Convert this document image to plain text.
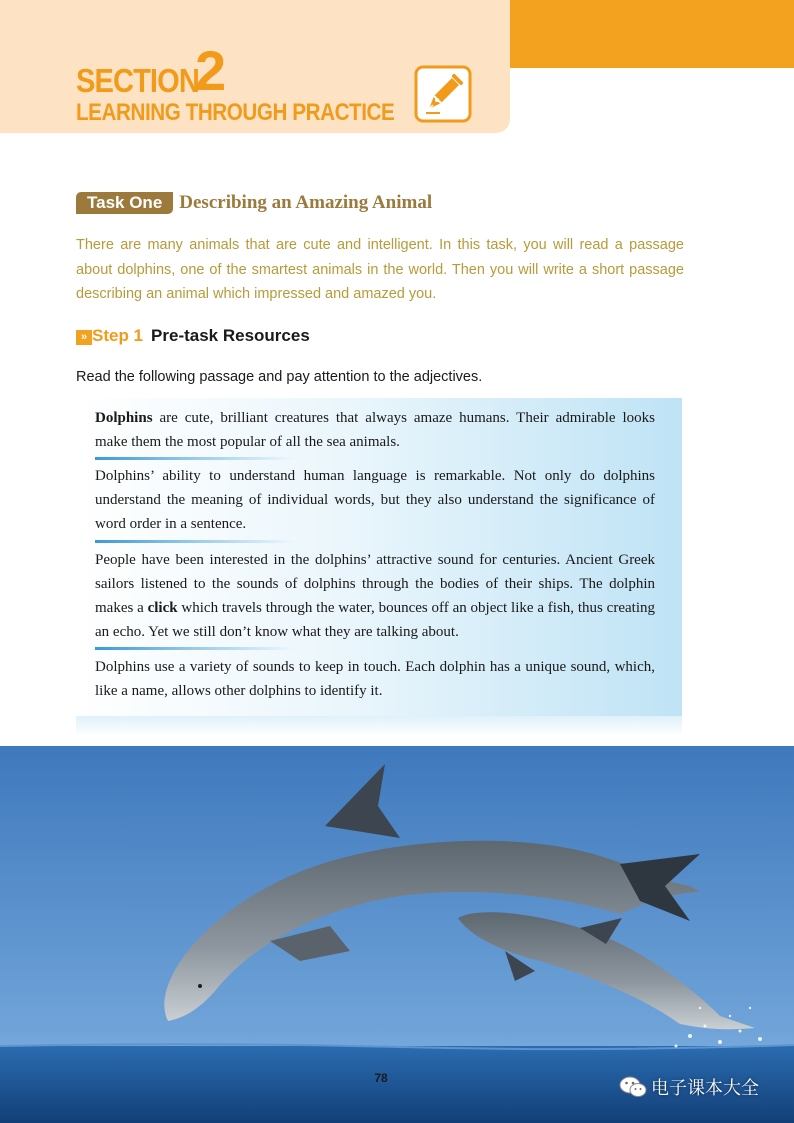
SECTION
2
LEARNING THROUGH PRACTICE
Task One Describing an Amazing Animal
There are many animals that are cute and intelligent. In this task, you will read a passage about dolphins, one of the smartest animals in the world. Then you will write a short passage describing an animal which impressed and amazed you.
» Step 1 Pre-task Resources
Read the following passage and pay attention to the adjectives.
Dolphins are cute, brilliant creatures that always amaze humans. Their admirable looks make them the most popular of all the sea animals.
Dolphins’ ability to understand human language is remarkable. Not only do dolphins understand the meaning of individual words, but they also understand the significance of word order in a sentence.
People have been interested in the dolphins’ attractive sound for centuries. Ancient Greek sailors listened to the sounds of dolphins through the bodies of their ships. The dolphin makes a click which travels through the water, bounces off an object like a fish, thus creating an echo. Yet we still don’t know what they are talking about.
Dolphins use a variety of sounds to keep in touch. Each dolphin has a unique sound, which, like a name, allows other dolphins to identify it.
78	电子课本大全
